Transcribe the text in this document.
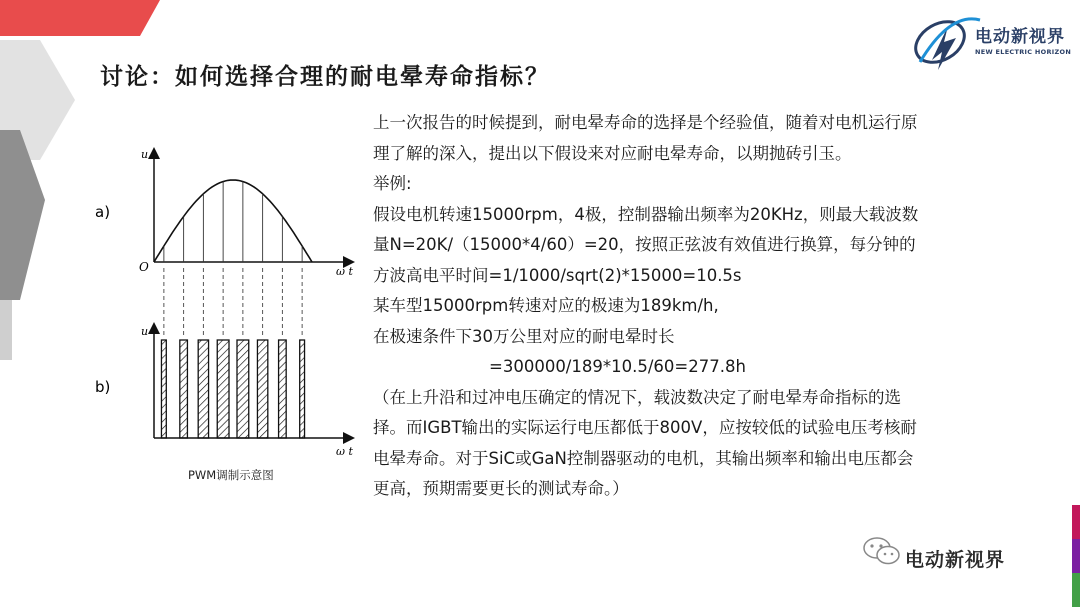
电动新视界
NEW ELECTRIC HORIZON
讨论：如何选择合理的耐电晕寿命指标？
a)
b)
u
O	ω t
u
ω t
PWM调制示意图

上一次报告的时候提到，耐电晕寿命的选择是个经验值，随着对电机运行原

理了解的深入，提出以下假设来对应耐电晕寿命，以期抛砖引玉。

举例:

假设电机转速15000rpm，4极，控制器输出频率为20KHz，则最大载波数

量N=20K/（15000*4/60）=20，按照正弦波有效值进行换算，每分钟的

方波高电平时间=1/1000/sqrt(2)*15000=10.5s

某车型15000rpm转速对应的极速为189km/h,

在极速条件下30万公里对应的耐电晕时长

=300000/189*10.5/60=277.8h

（在上升沿和过冲电压确定的情况下，载波数决定了耐电晕寿命指标的选

择。而IGBT输出的实际运行电压都低于800V，应按较低的试验电压考核耐

电晕寿命。对于SiC或GaN控制器驱动的电机，其输出频率和输出电压都会

更高，预期需要更长的测试寿命。）

电动新视界
